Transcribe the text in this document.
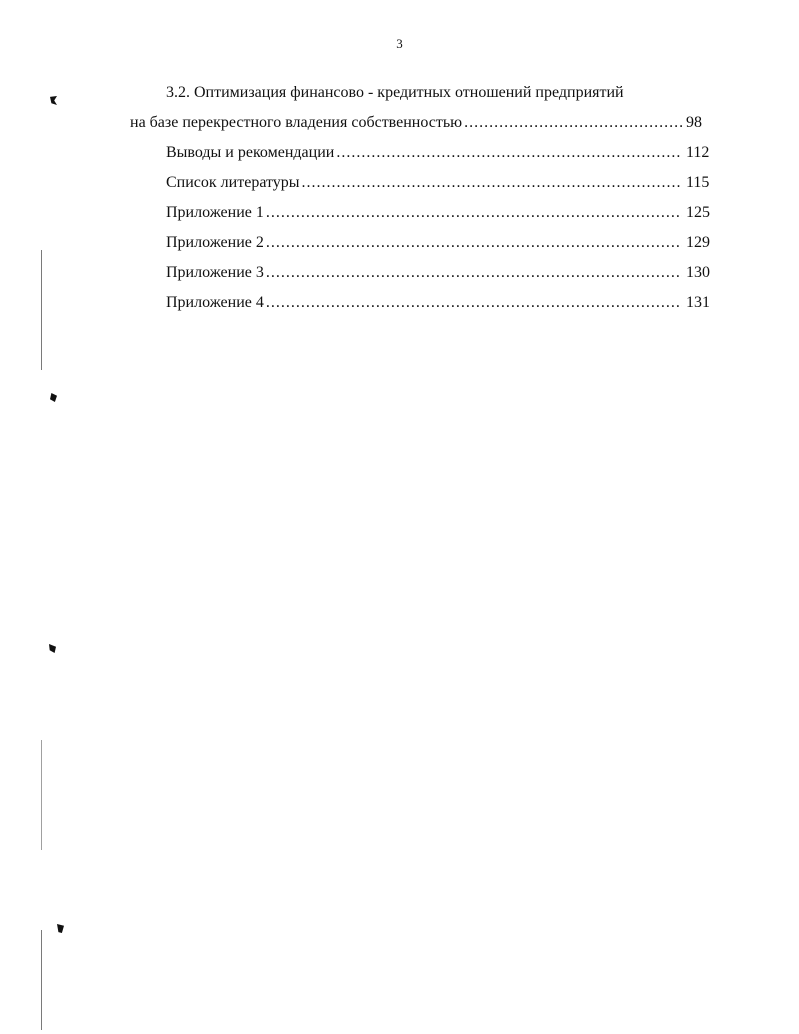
3
3.2. Оптимизация финансово - кредитных отношений предприятий
на базе перекрестного владения собственностью .....	98
Выводы и рекомендации .....	112
Список литературы .....	115
Приложение 1 .....	125
Приложение 2 .....	129
Приложение 3 .....	130
Приложение 4 .....	131
